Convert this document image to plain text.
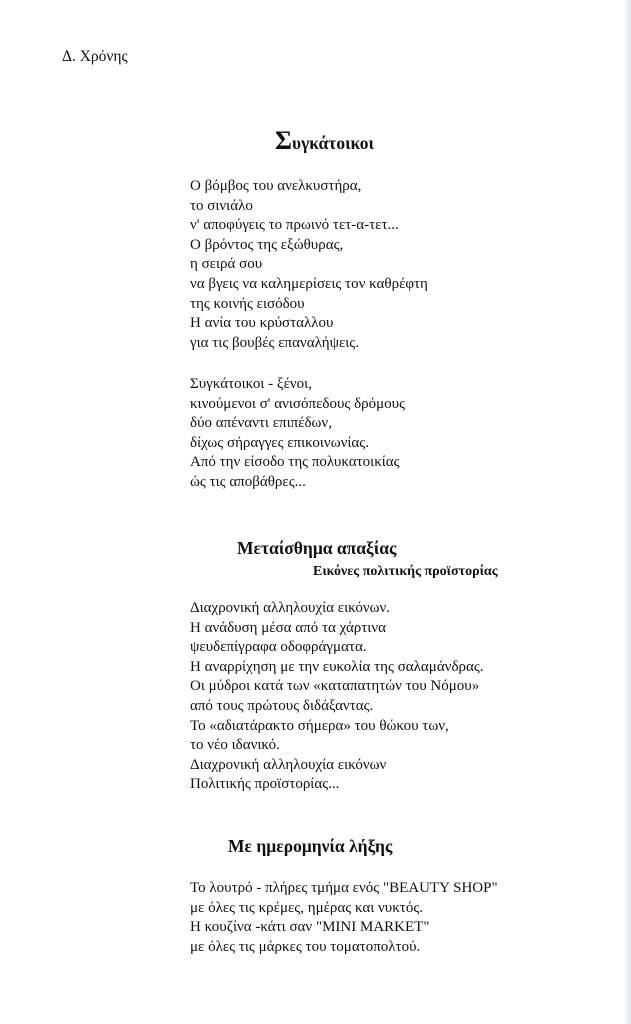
Δ. Χρόνης
Συγκάτοικοι
Ο βόμβος του ανελκυστήρα,
το σινιάλο
ν' αποφύγεις το πρωινό τετ-α-τετ...
Ο βρόντος της εξώθυρας,
η σειρά σου
να βγεις να καλημερίσεις τον καθρέφτη
της κοινής εισόδου
Η ανία του κρύσταλλου
για τις βουβές επαναλήψεις.
Συγκάτοικοι - ξένοι,
κινούμενοι σ' ανισόπεδους δρόμους
δύο απέναντι επιπέδων,
δίχως σήραγγες επικοινωνίας.
Από την είσοδο της πολυκατοικίας
ώς τις αποβάθρες...
Μεταίσθημα απαξίας
Εικόνες πολιτικής προϊστορίας
Διαχρονική αλληλουχία εικόνων.
Η ανάδυση μέσα από τα χάρτινα
ψευδεπίγραφα οδοφράγματα.
Η αναρρίχηση με την ευκολία της σαλαμάνδρας.
Οι μύδροι κατά των «καταπατητών του Νόμου»
από τους πρώτους διδάξαντας.
Το «αδιατάρακτο σήμερα» του θώκου των,
το νέο ιδανικό.
Διαχρονική αλληλουχία εικόνων
Πολιτικής προϊστορίας...
Με ημερομηνία λήξης
Το λουτρό - πλήρες τμήμα ενός "BEAUTY SHOP"
με όλες τις κρέμες, ημέρας και νυκτός.
Η κουζίνα -κάτι σαν "MINI MARKET"
με όλες τις μάρκες του τοματοπολτού.
